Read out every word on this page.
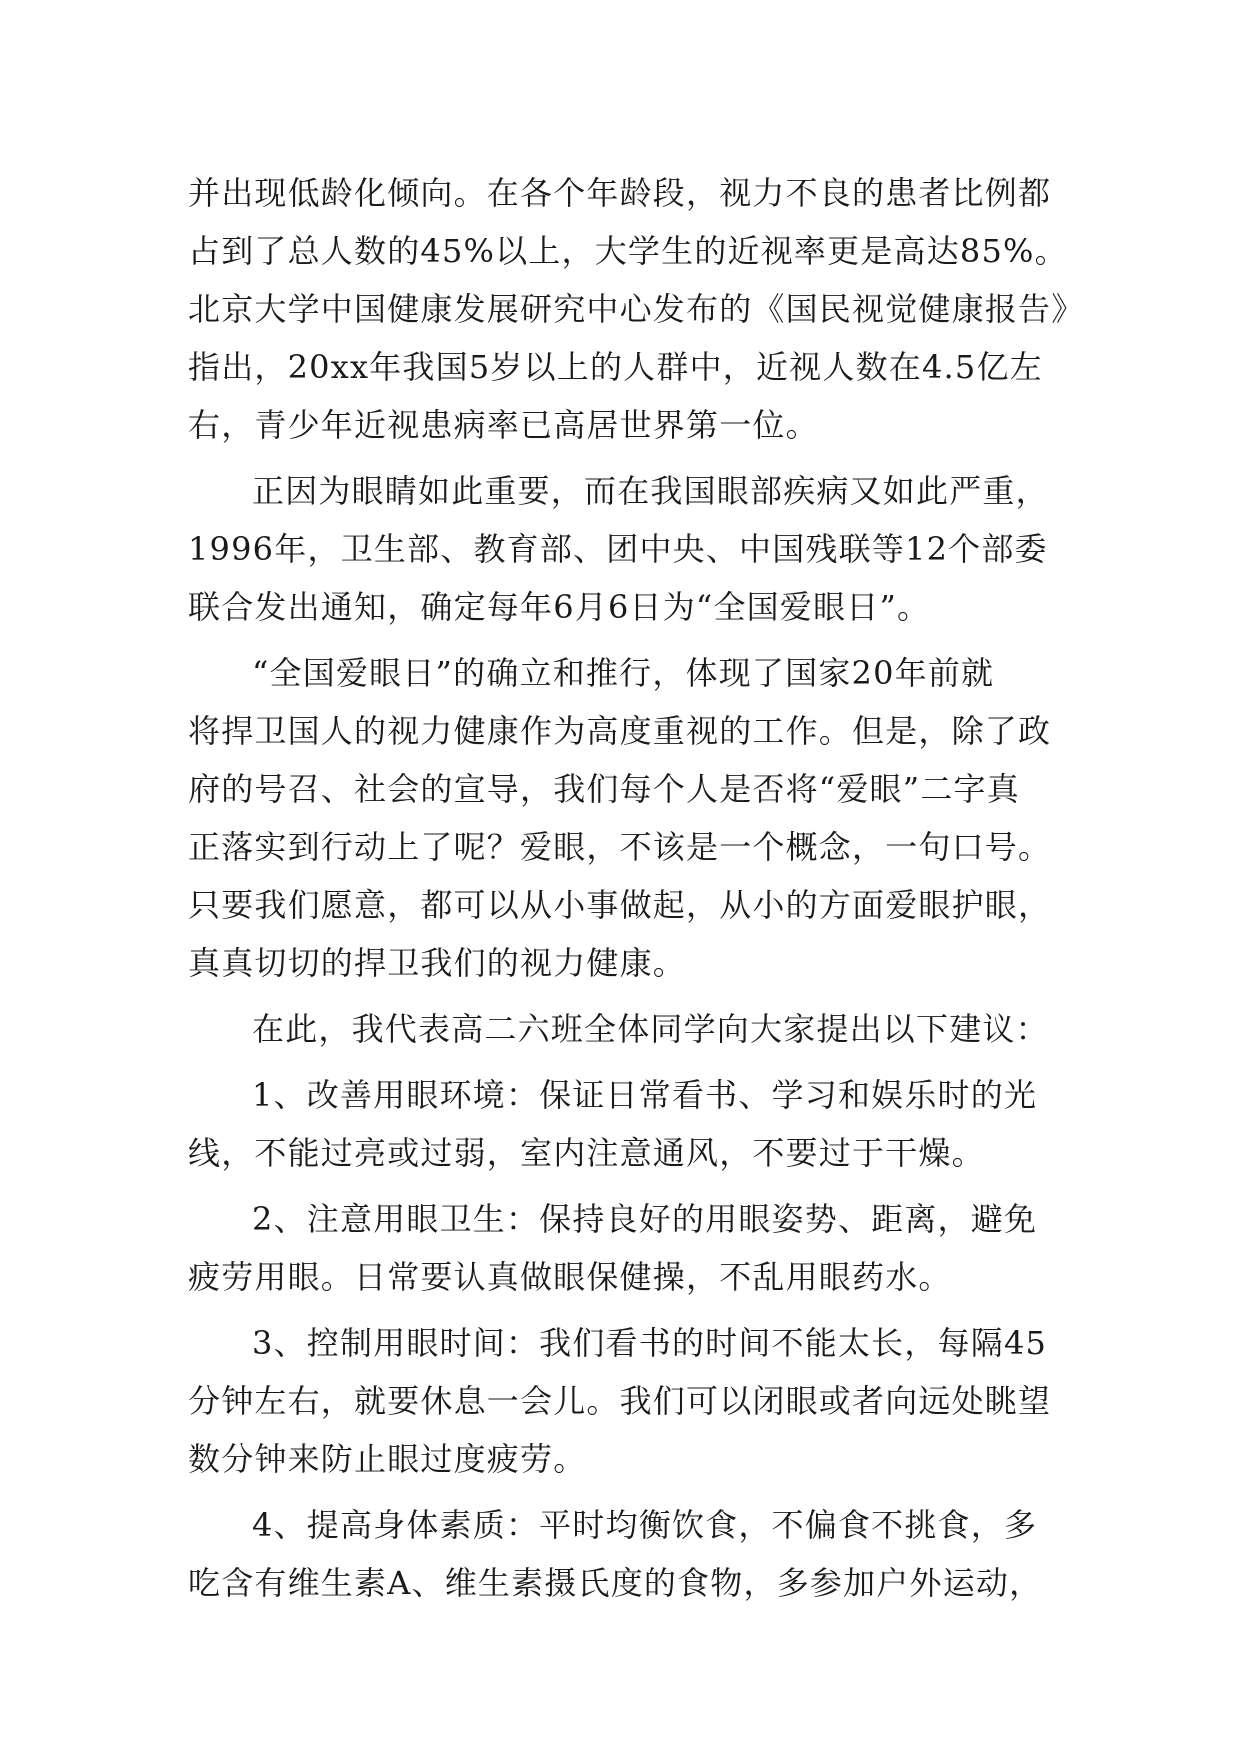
并出现低龄化倾向。在各个年龄段，视力不良的患者比例都
占到了总人数的45%以上，大学生的近视率更是高达85%。
北京大学中国健康发展研究中心发布的《国民视觉健康报告》
指出，20xx年我国5岁以上的人群中，近视人数在4.5亿左
右，青少年近视患病率已高居世界第一位。
正因为眼睛如此重要，而在我国眼部疾病又如此严重，
1996年，卫生部、教育部、团中央、中国残联等12个部委
联合发出通知，确定每年6月6日为“全国爱眼日”。
“全国爱眼日”的确立和推行，体现了国家20年前就
将捍卫国人的视力健康作为高度重视的工作。但是，除了政
府的号召、社会的宣导，我们每个人是否将“爱眼”二字真
正落实到行动上了呢？爱眼，不该是一个概念，一句口号。
只要我们愿意，都可以从小事做起，从小的方面爱眼护眼，
真真切切的捍卫我们的视力健康。
在此，我代表高二六班全体同学向大家提出以下建议：
1、改善用眼环境：保证日常看书、学习和娱乐时的光
线，不能过亮或过弱，室内注意通风，不要过于干燥。
2、注意用眼卫生：保持良好的用眼姿势、距离，避免
疲劳用眼。日常要认真做眼保健操，不乱用眼药水。
3、控制用眼时间：我们看书的时间不能太长，每隔45
分钟左右，就要休息一会儿。我们可以闭眼或者向远处眺望
数分钟来防止眼过度疲劳。
4、提高身体素质：平时均衡饮食，不偏食不挑食，多
吃含有维生素A、维生素摄氏度的食物，多参加户外运动，
